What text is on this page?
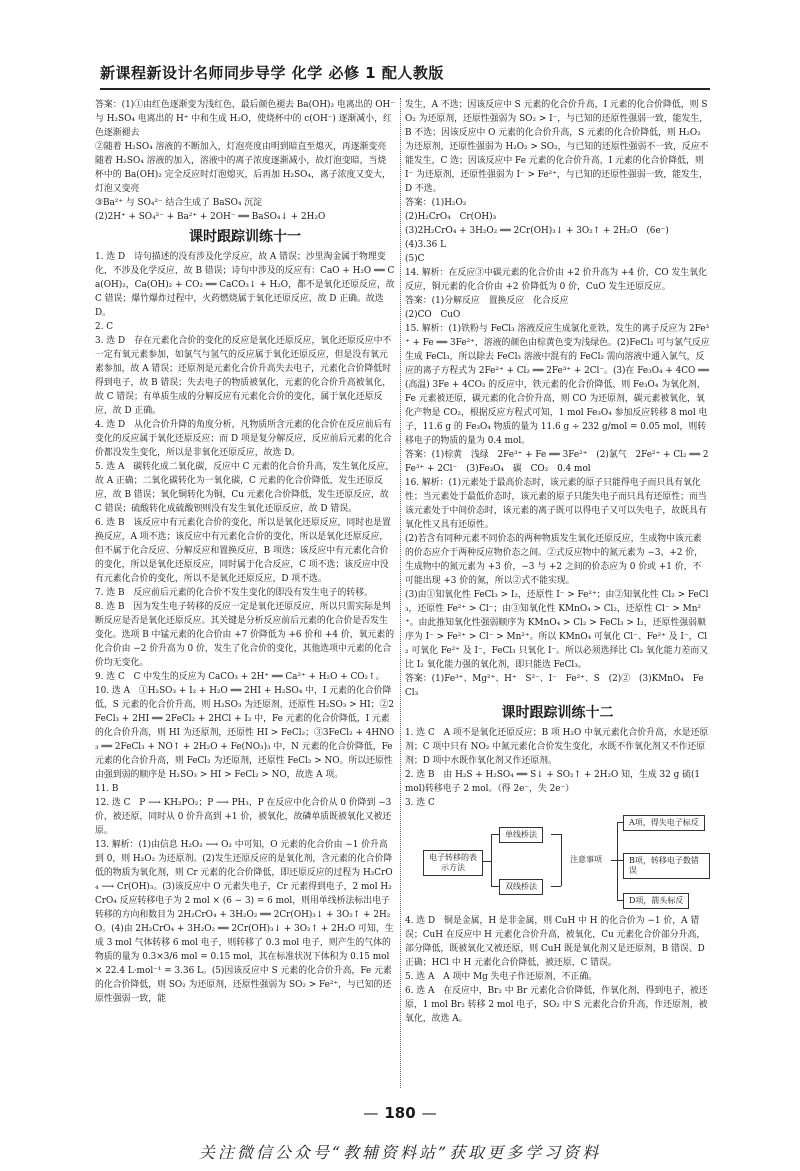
新课程新设计名师同步导学 化学 必修 1 配人教版

答案：(1)①由红色逐渐变为浅红色，最后颜色褪去 Ba(OH)₂ 电离出的 OH⁻ 与 H₂SO₄ 电离出的 H⁺ 中和生成 H₂O，使烧杯中的 c(OH⁻) 逐渐减小，红色逐渐褪去

②随着 H₂SO₄ 溶液的不断加入，灯泡亮度由明到暗直至熄灭，再逐渐变亮　随着 H₂SO₄ 溶液的加入，溶液中的离子浓度逐渐减小，故灯泡变暗，当烧杯中的 Ba(OH)₂ 完全反应时灯泡熄灭，后再加 H₂SO₄，离子浓度又变大，灯泡又变亮

③Ba²⁺ 与 SO₄²⁻ 结合生成了 BaSO₄ 沉淀

(2)2H⁺ + SO₄²⁻ + Ba²⁺ + 2OH⁻ ══ BaSO₄↓ + 2H₂O

课时跟踪训练十一

1. 选 D　诗句描述的没有涉及化学反应，故 A 错误；沙里淘金属于物理变化，不涉及化学反应，故 B 错误；诗句中涉及的反应有：CaO + H₂O ══ Ca(OH)₂，Ca(OH)₂ + CO₂ ══ CaCO₃↓ + H₂O，都不是氧化还原反应，故 C 错误；爆竹爆炸过程中，火药燃烧属于氧化还原反应，故 D 正确。故选 D。

2. C

3. 选 D　存在元素化合价的变化的反应是氧化还原反应，氧化还原反应中不一定有氧元素参加，如氯气与氢气的反应属于氧化还原反应，但是没有氧元素参加，故 A 错误；还原剂是元素化合价升高失去电子，元素化合价降低时得到电子，故 B 错误；失去电子的物质被氧化，元素的化合价升高被氧化，故 C 错误；有单质生成的分解反应有元素化合价的变化，属于氧化还原反应，故 D 正确。

4. 选 D　从化合价升降的角度分析，凡物质所含元素的化合价在反应前后有变化的反应属于氧化还原反应；而 D 项是复分解反应，反应前后元素的化合价都没发生变化，所以是非氧化还原反应，故选 D。

5. 选 A　碳转化成二氧化碳，反应中 C 元素的化合价升高，发生氧化反应，故 A 正确；二氧化碳转化为一氧化碳，C 元素的化合价降低，发生还原反应，故 B 错误；氧化铜转化为铜，Cu 元素化合价降低，发生还原反应，故 C 错误；硫酸转化成硫酸钡则没有发生氧化还原反应，故 D 错误。

6. 选 B　该反应中有元素化合价的变化，所以是氧化还原反应，同时也是置换反应，A 项不选；该反应中有元素化合价的变化，所以是氧化还原反应，但不属于化合反应、分解反应和置换反应，B 项选；该反应中有元素化合价的变化，所以是氧化还原反应，同时属于化合反应，C 项不选；该反应中没有元素化合价的变化，所以不是氧化还原反应，D 项不选。

7. 选 B　反应前后元素的化合价不发生变化的即没有发生电子的转移。

8. 选 B　因为发生电子转移的反应一定是氧化还原反应，所以只需实际是判断反应是否是氧化还原反应。其关键是分析反应前后元素的化合价是否发生变化。选项 B 中锰元素的化合价由 +7 价降低为 +6 价和 +4 价，氧元素的化合价由 −2 价升高为 0 价，发生了化合价的变化，其他选项中元素的化合价均无变化。

9. 选 C　C 中发生的反应为 CaCO₃ + 2H⁺ ══ Ca²⁺ + H₂O + CO₂↑。

10. 选 A　①H₂SO₃ + I₂ + H₂O ══ 2HI + H₂SO₄ 中，I 元素的化合价降低，S 元素的化合价升高，则 H₂SO₃ 为还原剂，还原性 H₂SO₃ > HI；②2FeCl₃ + 2HI ══ 2FeCl₂ + 2HCl + I₂ 中，Fe 元素的化合价降低，I 元素的化合价升高，则 HI 为还原剂，还原性 HI > FeCl₂；③3FeCl₂ + 4HNO₃ ══ 2FeCl₃ + NO↑ + 2H₂O + Fe(NO₃)₃ 中，N 元素的化合价降低，Fe 元素的化合价升高，则 FeCl₂ 为还原剂，还原性 FeCl₂ > NO。所以还原性由强到弱的顺序是 H₂SO₃ > HI > FeCl₂ > NO，故选 A 项。

11. B

12. 选 C　P ⟶ KH₂PO₂；P ⟶ PH₃，P 在反应中化合价从 0 价降到 −3 价，被还原，同时从 0 价升高到 +1 价，被氧化，故磷单质既被氧化又被还原。

13. 解析：(1)由信息 H₂O₂ ⟶ O₂ 中可知，O 元素的化合价由 −1 价升高到 0，则 H₂O₂ 为还原剂。(2)发生还原反应的是氧化剂，含元素的化合价降低的物质为氧化剂，则 Cr 元素的化合价降低，即还原反应的过程为 H₂CrO₄ ⟶ Cr(OH)₃。(3)该反应中 O 元素失电子，Cr 元素得到电子，2 mol H₂CrO₄ 反应转移电子为 2 mol × (6 − 3) = 6 mol，则用单线桥法标出电子转移的方向和数目为 2H₂CrO₄ + 3H₂O₂ ══ 2Cr(OH)₃↓ + 3O₂↑ + 2H₂O。(4)由 2H₂CrO₄ + 3H₂O₂ ══ 2Cr(OH)₃↓ + 3O₂↑ + 2H₂O 可知，生成 3 mol 气体转移 6 mol 电子，则转移了 0.3 mol 电子，则产生的气体的物质的量为 0.3×3/6 mol = 0.15 mol，其在标准状况下体积为 0.15 mol × 22.4 L·mol⁻¹ = 3.36 L。(5)因该反应中 S 元素的化合价升高，Fe 元素的化合价降低，则 SO₂ 为还原剂，还原性强弱为 SO₂ > Fe²⁺，与已知的还原性强弱一致，能

发生，A 不选；因该反应中 S 元素的化合价升高，I 元素的化合价降低，则 SO₂ 为还原剂，还原性强弱为 SO₂ > I⁻，与已知的还原性强弱一致，能发生，B 不选；因该反应中 O 元素的化合价升高，S 元素的化合价降低，则 H₂O₂ 为还原剂，还原性强弱为 H₂O₂ > SO₂，与已知的还原性强弱不一致，反应不能发生，C 选；因该反应中 Fe 元素的化合价升高，I 元素的化合价降低，则 I⁻ 为还原剂，还原性强弱为 I⁻ > Fe²⁺，与已知的还原性强弱一致，能发生，D 不选。

答案：(1)H₂O₂

(2)H₂CrO₄　Cr(OH)₃

(3)2H₂CrO₄ + 3H₂O₂ ══ 2Cr(OH)₃↓ + 3O₂↑ + 2H₂O　(6e⁻)

(4)3.36 L

(5)C

14. 解析：在反应③中碳元素的化合价由 +2 价升高为 +4 价，CO 发生氧化反应，铜元素的化合价由 +2 价降低为 0 价，CuO 发生还原反应。

答案：(1)分解反应　置换反应　化合反应

(2)CO　CuO

15. 解析：(1)铁粉与 FeCl₃ 溶液反应生成氯化亚铁，发生的离子反应为 2Fe³⁺ + Fe ══ 3Fe²⁺，溶液的颜色由棕黄色变为浅绿色。(2)FeCl₂ 可与氯气反应生成 FeCl₃，所以除去 FeCl₃ 溶液中混有的 FeCl₂ 需向溶液中通入氯气，反应的离子方程式为 2Fe²⁺ + Cl₂ ══ 2Fe³⁺ + 2Cl⁻。(3)在 Fe₃O₄ + 4CO ══(高温) 3Fe + 4CO₂ 的反应中，铁元素的化合价降低，则 Fe₃O₄ 为氧化剂，Fe 元素被还原，碳元素的化合价升高，则 CO 为还原剂，碳元素被氧化，氧化产物是 CO₂，根据反应方程式可知，1 mol Fe₃O₄ 参加反应转移 8 mol 电子，11.6 g 的 Fe₃O₄ 物质的量为 11.6 g ÷ 232 g/mol = 0.05 mol，则转移电子的物质的量为 0.4 mol。

答案：(1)棕黄　浅绿　2Fe³⁺ + Fe ══ 3Fe²⁺　(2)氯气　2Fe²⁺ + Cl₂ ══ 2Fe³⁺ + 2Cl⁻　(3)Fe₃O₄　碳　CO₂　0.4 mol

16. 解析：(1)元素处于最高价态时，该元素的原子只能得电子而只具有氧化性；当元素处于最低价态时，该元素的原子只能失电子而只具有还原性；而当该元素处于中间价态时，该元素的离子既可以得电子又可以失电子，故既具有氧化性又具有还原性。

(2)若含有同种元素不同价态的两种物质发生氧化还原反应，生成物中该元素的价态应介于两种反应物价态之间。②式反应物中的氮元素为 −3、+2 价，生成物中的氮元素为 +3 价，−3 与 +2 之间的价态应为 0 价或 +1 价，不可能出现 +3 价的氮，所以②式不能实现。

(3)由①知氧化性 FeCl₃ > I₂，还原性 I⁻ > Fe²⁺；由②知氧化性 Cl₂ > FeCl₃，还原性 Fe²⁺ > Cl⁻；由③知氧化性 KMnO₄ > Cl₂，还原性 Cl⁻ > Mn²⁺。由此推知氧化性强弱顺序为 KMnO₄ > Cl₂ > FeCl₃ > I₂，还原性强弱顺序为 I⁻ > Fe²⁺ > Cl⁻ > Mn²⁺。所以 KMnO₄ 可氧化 Cl⁻、Fe²⁺ 及 I⁻，Cl₂ 可氧化 Fe²⁺ 及 I⁻，FeCl₃ 只氧化 I⁻。所以必须选择比 Cl₂ 氧化能力差而又比 I₂ 氧化能力强的氧化剂，即只能选 FeCl₃。

答案：(1)Fe³⁺、Mg²⁺、H⁺　S²⁻、I⁻　Fe²⁺、S　(2)②　(3)KMnO₄　FeCl₃

课时跟踪训练十二

1. 选 C　A 项不是氧化还原反应；B 项 H₂O 中氧元素化合价升高，水是还原剂；C 项中只有 NO₂ 中氮元素化合价发生变化，水既不作氧化剂又不作还原剂；D 项中水既作氧化剂又作还原剂。

2. 选 B　由 H₂S + H₂SO₄ ══ S↓ + SO₂↑ + 2H₂O 知，生成 32 g 硫(1 mol)转移电子 2 mol。（得 2e⁻，失 2e⁻）

3. 选 C

电子转移的表示方法
单线桥法
双线桥法
注意事项
A项，得失电子标反
B项，转移电子数错误
D项，箭头标反

4. 选 D　铜是金属，H 是非金属，则 CuH 中 H 的化合价为 −1 价，A 错误；CuH 在反应中 H 元素化合价升高，被氧化，Cu 元素化合价部分升高，部分降低，既被氧化又被还原，则 CuH 既是氧化剂又是还原剂，B 错误、D 正确；HCl 中 H 元素化合价降低，被还原，C 错误。

5. 选 A　A 项中 Mg 失电子作还原剂，不正确。

6. 选 A　在反应中，Br₂ 中 Br 元素化合价降低，作氧化剂，得到电子，被还原，1 mol Br₂ 转移 2 mol 电子，SO₂ 中 S 元素化合价升高，作还原剂，被氧化，故选 A。

— 180 —
关注微信公众号“教辅资料站”获取更多学习资料
